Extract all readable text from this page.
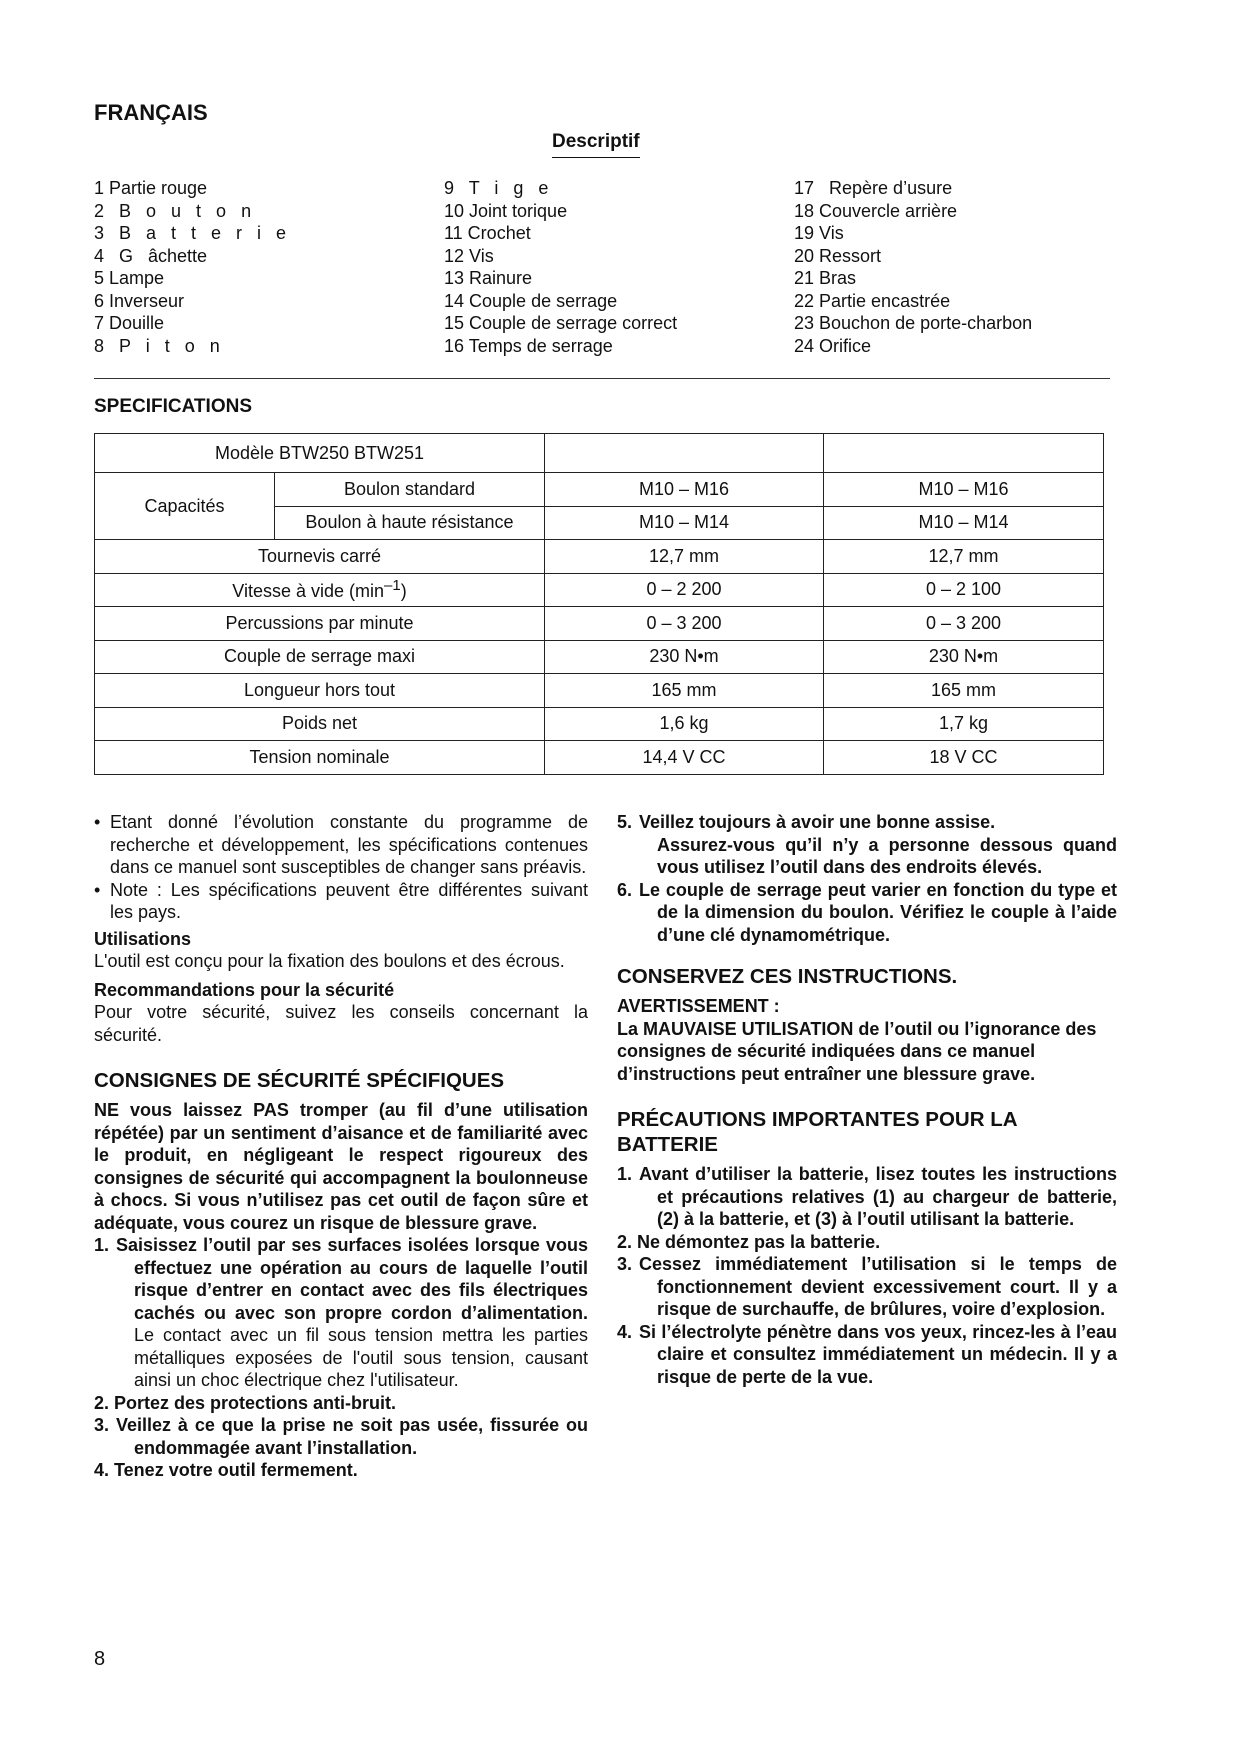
FRANÇAIS
Descriptif
1 Partie rouge
2   B   o   u   t   o   n
3   B   a   t   t   e   r   i   e
4   G   âchette
5 Lampe
6 Inverseur
7 Douille
8   P   i   t   o   n
9   T   i   g   e
10 Joint torique
11 Crochet
12 Vis
13 Rainure
14 Couple de serrage
15 Couple de serrage correct
16 Temps de serrage
17   Repère d’usure
18 Couvercle arrière
19 Vis
20 Ressort
21 Bras
22 Partie encastrée
23 Bouchon de porte-charbon
24 Orifice
SPECIFICATIONS
Modèle BTW250 BTW251			
Capacités	Boulon standard	M10 – M16	M10 – M16
	Boulon à haute résistance	M10 – M14	M10 – M14
Tournevis carré		12,7 mm	12,7 mm
Vitesse à vide $(\min^{-1})$		0 – 2 200	0 – 2 100
Percussions par minute		0 – 3 200	0 – 3 200
Couple de serrage maxi		230 N•m	230 N•m
Longueur hors tout		165 mm	165 mm
Poids net		1,6 kg	1,7 kg
Tension nominale		14,4 V CC	18 V CC
• Etant donné l’évolution constante du programme de recherche et développement, les spécifications contenues dans ce manuel sont susceptibles de changer sans préavis.
• Note : Les spécifications peuvent être différentes suivant les pays.
Utilisations
L'outil est conçu pour la fixation des boulons et des écrous.
Recommandations pour la sécurité
Pour votre sécurité, suivez les conseils concernant la sécurité.
CONSIGNES DE SÉCURITÉ SPÉCIFIQUES
NE vous laissez PAS tromper (au fil d’une utilisation répétée) par un sentiment d’aisance et de familiarité avec le produit, en négligeant le respect rigoureux des consignes de sécurité qui accompagnent la boulonneuse à chocs. Si vous n’utilisez pas cet outil de façon sûre et adéquate, vous courez un risque de blessure grave.
1. Saisissez l’outil par ses surfaces isolées lorsque vous effectuez une opération au cours de laquelle l’outil risque d’entrer en contact avec des fils électriques cachés ou avec son propre cordon d’alimentation. Le contact avec un fil sous tension mettra les parties métalliques exposées de l'outil sous tension, causant ainsi un choc électrique chez l'utilisateur.
2. Portez des protections anti-bruit.
3. Veillez à ce que la prise ne soit pas usée, fissurée ou endommagée avant l’installation.
4. Tenez votre outil fermement.
5. Veillez toujours à avoir une bonne assise.
Assurez-vous qu’il n’y a personne dessous quand vous utilisez l’outil dans des endroits élevés.
6. Le couple de serrage peut varier en fonction du type et de la dimension du boulon. Vérifiez le couple à l’aide d’une clé dynamométrique.
CONSERVEZ CES INSTRUCTIONS.
AVERTISSEMENT :
La MAUVAISE UTILISATION de l’outil ou l’ignorance des consignes de sécurité indiquées dans ce manuel d’instructions peut entraîner une blessure grave.
PRÉCAUTIONS IMPORTANTES POUR LA BATTERIE
1. Avant d’utiliser la batterie, lisez toutes les instructions et précautions relatives (1) au chargeur de batterie, (2) à la batterie, et (3) à l’outil utilisant la batterie.
2. Ne démontez pas la batterie.
3. Cessez immédiatement l’utilisation si le temps de fonctionnement devient excessivement court. Il y a risque de surchauffe, de brûlures, voire d’explosion.
4. Si l’électrolyte pénètre dans vos yeux, rincez-les à l’eau claire et consultez immédiatement un médecin. Il y a risque de perte de la vue.
8
